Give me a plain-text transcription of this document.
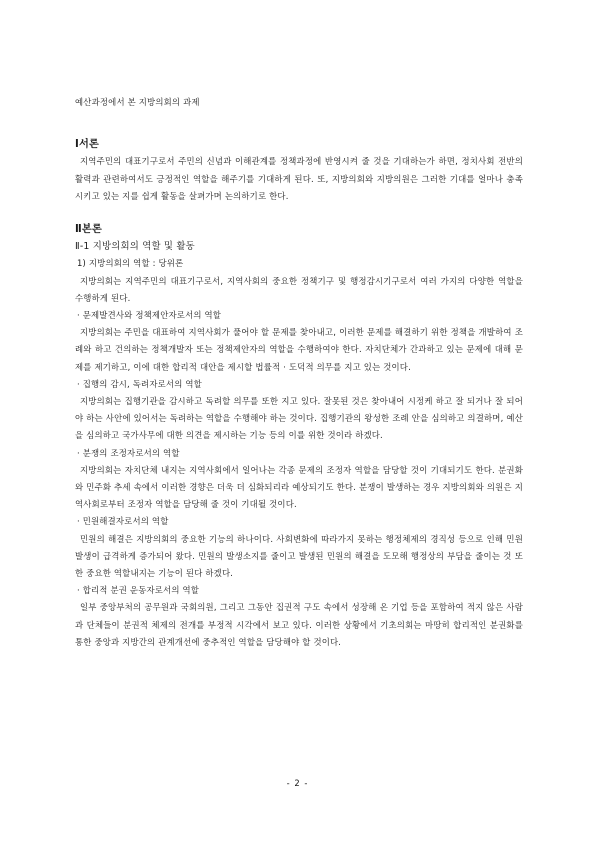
예산과정에서 본 지방의회의 과제

Ⅰ서론

지역주민의 대표기구로서 주민의 신념과 이해관계를 정책과정에 반영시켜 줄 것을 기대하는가 하면, 정치사회 전반의 활력과 관련하여서도 긍정적인 역할을 해주기를 기대하게 된다. 또, 지방의회와 지방의원은 그러한 기대를 얼마나 충족시키고 있는 지를 쉽게 활동을 살펴가며 논의하기로 한다.

Ⅱ본론

Ⅱ-1 지방의회의 역할 및 활동

1) 지방의회의 역할 : 당위론

지방의회는 지역주민의 대표기구로서, 지역사회의 중요한 정책기구 및 행정감시기구로서 여러 가지의 다양한 역할을 수행하게 된다.

· 문제발견사와 정책제안자로서의 역할

지방의회는 주민을 대표하여 지역사회가 풀어야 할 문제를 찾아내고, 이러한 문제를 해결하기 위한 정책을 개발하여 조례와 하고 건의하는 정책개발자 또는 정책제안자의 역할을 수행하여야 한다. 자치단체가 간과하고 있는 문제에 대해 문제를 제기하고, 이에 대한 합리적 대안을 제시할 법률적 · 도덕적 의무를 지고 있는 것이다.

· 집행의 감시, 독려자로서의 역할

지방의회는 집행기관을 감시하고 독려할 의무를 또한 지고 있다. 잘못된 것은 찾아내어 시정케 하고 잘 되거나 잘 되어야 하는 사안에 있어서는 독려하는 역할을 수행해야 하는 것이다. 집행기관의 왕성한 조례 안을 심의하고 의결하며, 예산을 심의하고 국가사무에 대한 의견을 제시하는 기능 등의 이를 위한 것이라 하겠다.

· 분쟁의 조정자로서의 역할

지방의회는 자치단체 내지는 지역사회에서 일어나는 각종 문제의 조정자 역할을 담당할 것이 기대되기도 한다. 분권화와 민주화 추세 속에서 이러한 경향은 더욱 더 심화되리라 예상되기도 한다. 분쟁이 발생하는 경우 지방의회와 의원은 지역사회로부터 조정자 역할을 담당해 줄 것이 기대될 것이다.

· 민원해결자로서의 역할

민원의 해결은 지방의회의 중요한 기능의 하나이다. 사회변화에 따라가지 못하는 행정체제의 경직성 등으로 인해 민원발생이 급격하게 증가되어 왔다. 민원의 발생소지를 줄이고 발생된 민원의 해결을 도모해 행정상의 부담을 줄이는 것 또한 중요한 역할내지는 기능이 된다 하겠다.

· 합리적 분권 운동자로서의 역할

일부 중앙부처의 공무원과 국회의원, 그리고 그동안 집권적 구도 속에서 성장해 온 기업 등을 포함하여 적지 않은 사람과 단체들이 분권적 체제의 전개를 부정적 시각에서 보고 있다. 이러한 상황에서 기초의회는 마땅히 합리적인 분권화를 통한 중앙과 지방간의 관계개선에 중추적인 역할을 담당해야 할 것이다.

- 2 -
